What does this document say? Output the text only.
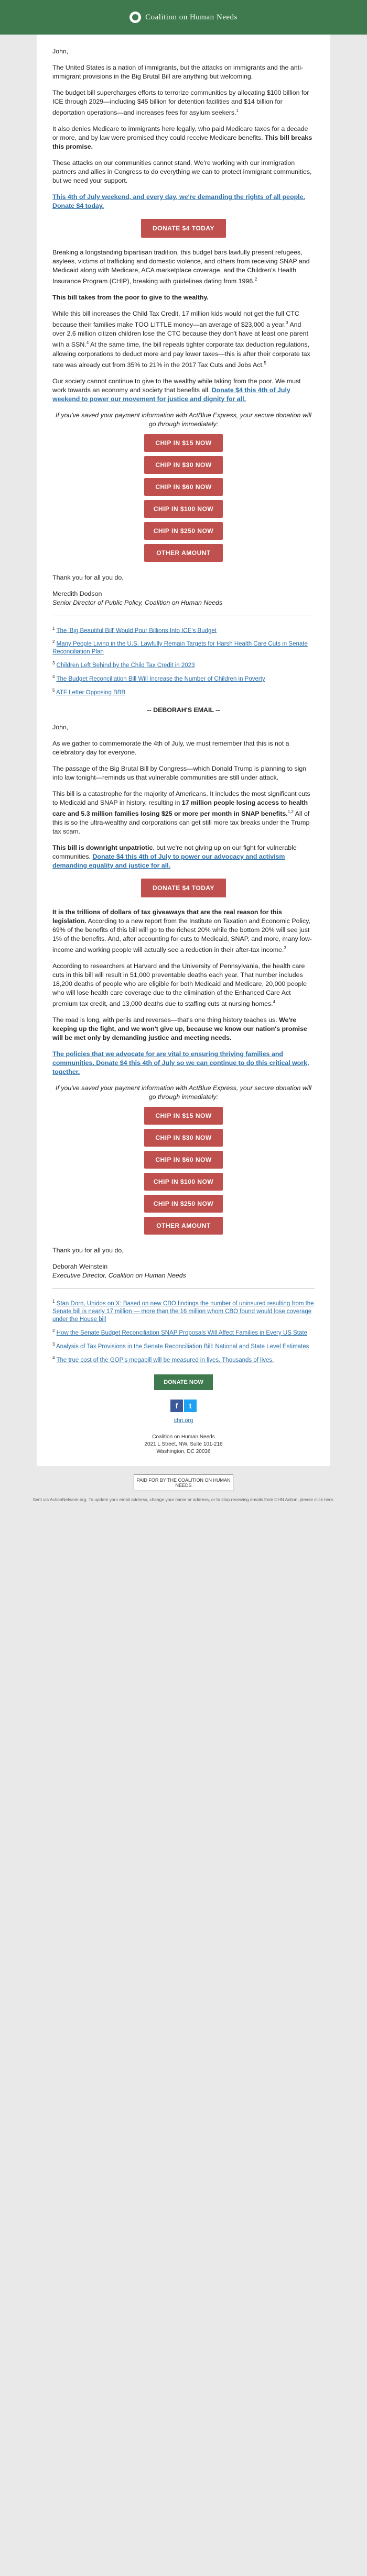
Coalition on Human Needs

John,

The United States is a nation of immigrants, but the attacks on immigrants and the anti-immigrant provisions in the Big Brutal Bill are anything but welcoming.

The budget bill supercharges efforts to terrorize communities by allocating $100 billion for ICE through 2029—including $45 billion for detention facilities and $14 billion for deportation operations—and increases fees for asylum seekers.$^1$

It also denies Medicare to immigrants here legally, who paid Medicare taxes for a decade or more, and by law were promised they could receive Medicare benefits. This bill breaks this promise.

These attacks on our communities cannot stand. We're working with our immigration partners and allies in Congress to do everything we can to protect immigrant communities, but we need your support.

This 4th of July weekend, and every day, we're demanding the rights of all people. Donate $4 today.

DONATE $4 TODAY

Breaking a longstanding bipartisan tradition, this budget bars lawfully present refugees, asylees, victims of trafficking and domestic violence, and others from receiving SNAP and Medicaid along with Medicare, ACA marketplace coverage, and the Children's Health Insurance Program (CHIP), breaking with guidelines dating from 1996.$^2$

This bill takes from the poor to give to the wealthy.

While this bill increases the Child Tax Credit, 17 million kids would not get the full CTC because their families make TOO LITTLE money—an average of $23,000 a year.$^3$ And over 2.6 million citizen children lose the CTC because they don't have at least one parent with a SSN.$^4$ At the same time, the bill repeals tighter corporate tax deduction regulations, allowing corporations to deduct more and pay lower taxes—this is after their corporate tax rate was already cut from 35% to 21% in the 2017 Tax Cuts and Jobs Act.$^5$

Our society cannot continue to give to the wealthy while taking from the poor. We must work towards an economy and society that benefits all. Donate $4 this 4th of July weekend to power our movement for justice and dignity for all.

If you've saved your payment information with ActBlue Express, your secure donation will go through immediately:

CHIP IN $15 NOW
CHIP IN $30 NOW
CHIP IN $60 NOW
CHIP IN $100 NOW
CHIP IN $250 NOW
OTHER AMOUNT

Thank you for all you do,

Meredith Dodson
Senior Director of Public Policy, Coalition on Human Needs

$^1$ The 'Big Beautiful Bill' Would Pour Billions Into ICE's Budget

$^2$ Many People Living in the U.S. Lawfully Remain Targets for Harsh Health Care Cuts in Senate Reconciliation Plan

$^3$ Children Left Behind by the Child Tax Credit in 2023

$^4$ The Budget Reconciliation Bill Will Increase the Number of Children in Poverty

$^5$ ATF Letter Opposing BBB

-- DEBORAH'S EMAIL --

John,

As we gather to commemorate the 4th of July, we must remember that this is not a celebratory day for everyone.

The passage of the Big Brutal Bill by Congress—which Donald Trump is planning to sign into law tonight—reminds us that vulnerable communities are still under attack.

This bill is a catastrophe for the majority of Americans. It includes the most significant cuts to Medicaid and SNAP in history, resulting in 17 million people losing access to health care and 5.3 million families losing $25 or more per month in SNAP benefits.$^{1,2}$ All of this is so the ultra-wealthy and corporations can get still more tax breaks under the Trump tax scam.

This bill is downright unpatriotic, but we're not giving up on our fight for vulnerable communities. Donate $4 this 4th of July to power our advocacy and activism demanding equality and justice for all.

DONATE $4 TODAY

It is the trillions of dollars of tax giveaways that are the real reason for this legislation. According to a new report from the Institute on Taxation and Economic Policy, 69% of the benefits of this bill will go to the richest 20% while the bottom 20% will see just 1% of the benefits. And, after accounting for cuts to Medicaid, SNAP, and more, many low-income and working people will actually see a reduction in their after-tax income.$^3$

According to researchers at Harvard and the University of Pennsylvania, the health care cuts in this bill will result in 51,000 preventable deaths each year. That number includes 18,200 deaths of people who are eligible for both Medicaid and Medicare, 20,000 people who will lose health care coverage due to the elimination of the Enhanced Care Act premium tax credit, and 13,000 deaths due to staffing cuts at nursing homes.$^4$

The road is long, with perils and reverses—that's one thing history teaches us. We're keeping up the fight, and we won't give up, because we know our nation's promise will be met only by demanding justice and meeting needs.

The policies that we advocate for are vital to ensuring thriving families and communities. Donate $4 this 4th of July so we can continue to do this critical work, together.

If you've saved your payment information with ActBlue Express, your secure donation will go through immediately:

CHIP IN $15 NOW
CHIP IN $30 NOW
CHIP IN $60 NOW
CHIP IN $100 NOW
CHIP IN $250 NOW
OTHER AMOUNT

Thank you for all you do,

Deborah Weinstein
Executive Director, Coalition on Human Needs

$^1$ Stan Dorn, Unidos on X: Based on new CBO findings the number of uninsured resulting from the Senate bill is nearly 17 million — more than the 16 million whom CBO found would lose coverage under the House bill

$^2$ How the Senate Budget Reconciliation SNAP Proposals Will Affect Families in Every US State

$^3$ Analysis of Tax Provisions in the Senate Reconciliation Bill: National and State Level Estimates

$^4$ The true cost of the GOP's megabill will be measured in lives. Thousands of lives.

DONATE NOW
f	t

chn.org

Coalition on Human Needs

2021 L Street, NW, Suite 101-216

Washington, DC 20036

PAID FOR BY THE COALITION ON HUMAN NEEDS

Sent via ActionNetwork.org. To update your email address, change your name or address, or to stop receiving emails from CHN Action, please click here.
